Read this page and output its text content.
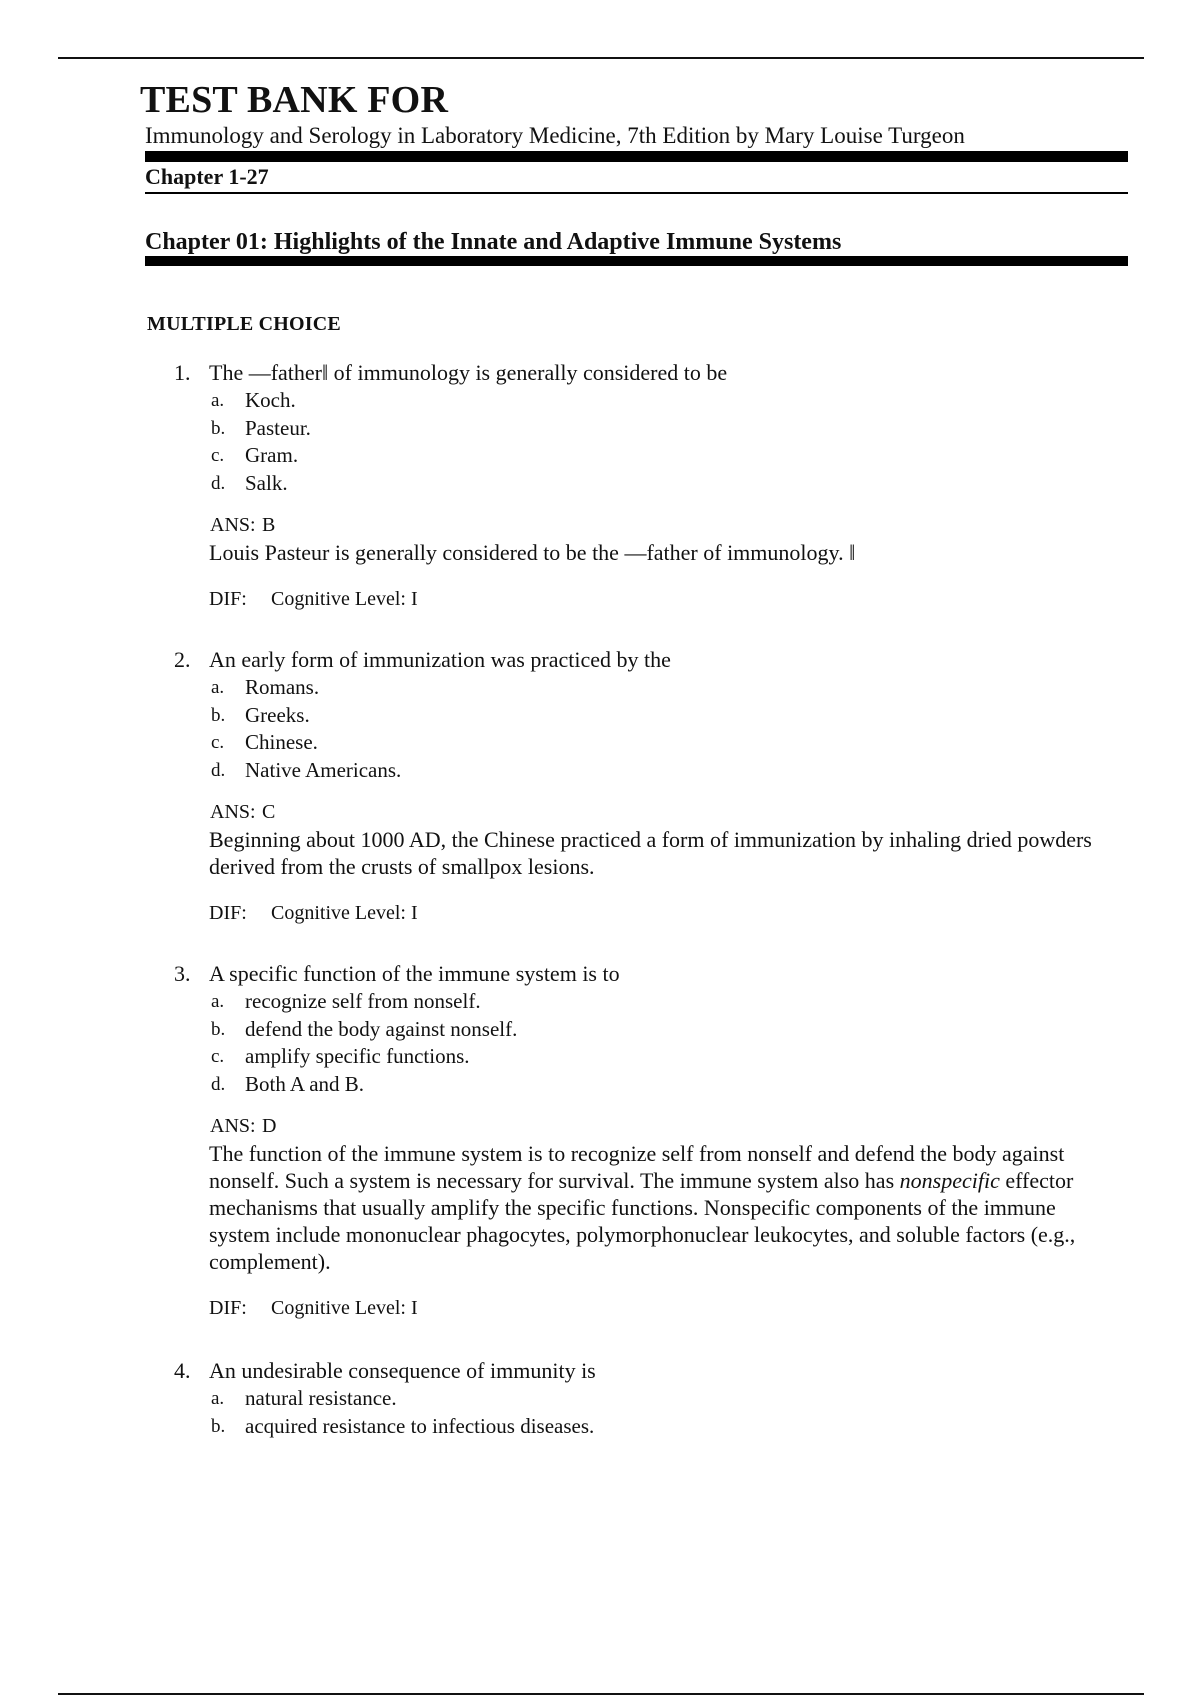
TEST BANK FOR

Immunology and Serology in Laboratory Medicine, 7th Edition by Mary Louise Turgeon

Chapter 1-27

Chapter 01: Highlights of the Innate and Adaptive Immune Systems
MULTIPLE CHOICE
1. The —father‖ of immunology is generally considered to be
a. Koch.
b. Pasteur.
c. Gram.
d. Salk.
ANS: B
Louis Pasteur is generally considered to be the —father of immunology. ‖
DIF: Cognitive Level: I
2. An early form of immunization was practiced by the
a. Romans.
b. Greeks.
c. Chinese.
d. Native Americans.
ANS: C
Beginning about 1000 AD, the Chinese practiced a form of immunization by inhaling dried powders derived from the crusts of smallpox lesions.
DIF: Cognitive Level: I
3. A specific function of the immune system is to
a. recognize self from nonself.
b. defend the body against nonself.
c. amplify specific functions.
d. Both A and B.
ANS: D
The function of the immune system is to recognize self from nonself and defend the body against nonself. Such a system is necessary for survival. The immune system also has nonspecific effector mechanisms that usually amplify the specific functions. Nonspecific components of the immune system include mononuclear phagocytes, polymorphonuclear leukocytes, and soluble factors (e.g., complement).
DIF: Cognitive Level: I
4. An undesirable consequence of immunity is
a. natural resistance.
b. acquired resistance to infectious diseases.
